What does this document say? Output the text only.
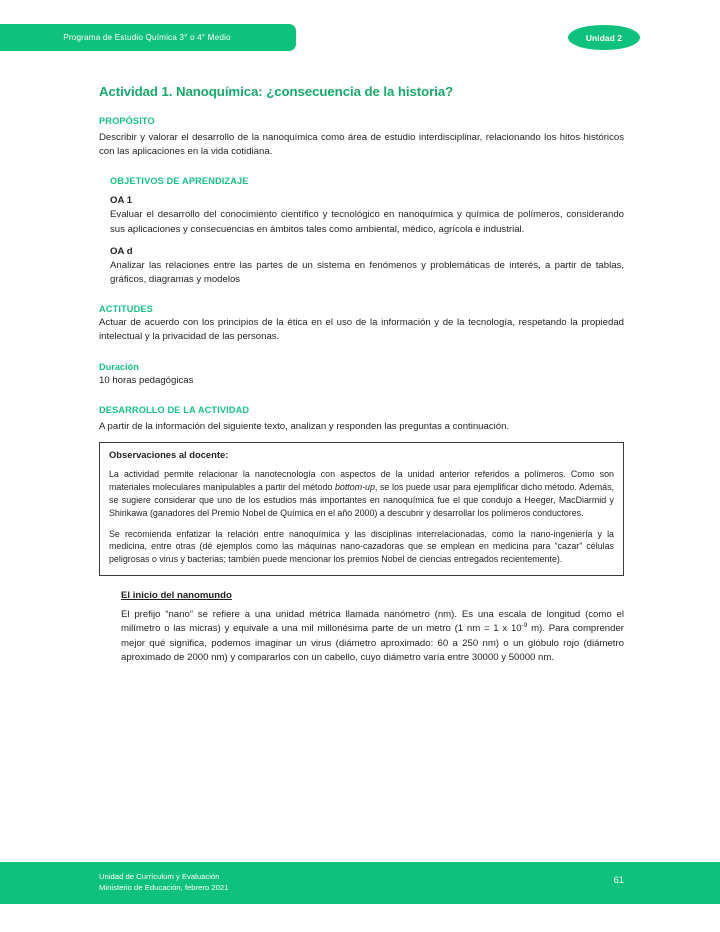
Programa de Estudio Química 3° o 4° Medio	Unidad 2
Actividad 1. Nanoquímica: ¿consecuencia de la historia?

PROPÓSITO

Describir y valorar el desarrollo de la nanoquímica como área de estudio interdisciplinar, relacionando los hitos históricos con las aplicaciones en la vida cotidiana.

OBJETIVOS DE APRENDIZAJE

OA 1

Evaluar el desarrollo del conocimiento científico y tecnológico en nanoquímica y química de polímeros, considerando sus aplicaciones y consecuencias en ámbitos tales como ambiental, médico, agrícola e industrial.

OA d

Analizar las relaciones entre las partes de un sistema en fenómenos y problemáticas de interés, a partir de tablas, gráficos, diagramas y modelos

ACTITUDES

Actuar de acuerdo con los principios de la ética en el uso de la información y de la tecnología, respetando la propiedad intelectual y la privacidad de las personas.

Duración

10 horas pedagógicas

DESARROLLO DE LA ACTIVIDAD

A partir de la información del siguiente texto, analizan y responden las preguntas a continuación.

Observaciones al docente:

La actividad permite relacionar la nanotecnología con aspectos de la unidad anterior referidos a polímeros. Como son materiales moleculares manipulables a partir del método bottom-up, se los puede usar para ejemplificar dicho método. Además, se sugiere considerar que uno de los estudios más importantes en nanoquímica fue el que condujo a Heeger, MacDiarmid y Shirikawa (ganadores del Premio Nobel de Química en el año 2000) a descubrir y desarrollar los polímeros conductores.

Se recomienda enfatizar la relación entre nanoquímica y las disciplinas interrelacionadas, como la nano-ingeniería y la medicina, entre otras (dé ejemplos como las máquinas nano-cazadoras que se emplean en medicina para “cazar” células peligrosas o virus y bacterias; también puede mencionar los premios Nobel de ciencias entregados recientemente).

El inicio del nanomundo

El prefijo “nano” se refiere a una unidad métrica llamada nanómetro (nm). Es una escala de longitud (como el milímetro o las micras) y equivale a una mil millonésima parte de un metro (1 nm = 1 x $10^{-9}$ m). Para comprender mejor qué significa, podemos imaginar un virus (diámetro aproximado: 60 a 250 nm) o un glóbulo rojo (diámetro aproximado de 2000 nm) y compararlos con un cabello, cuyo diámetro varía entre 30000 y 50000 nm.

Unidad de Currículum y Evaluación
Ministerio de Educación, febrero 2021
61
